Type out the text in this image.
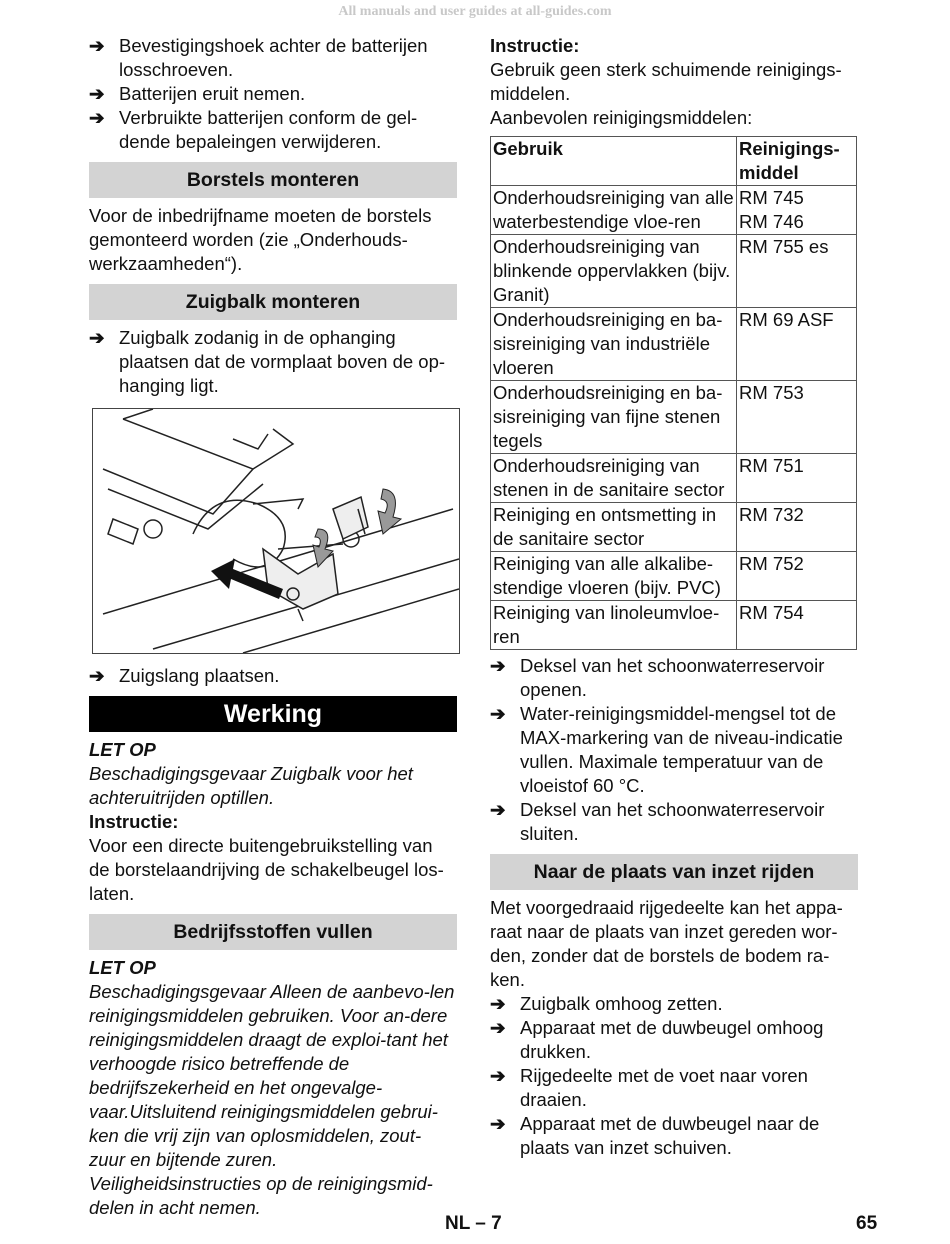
All manuals and user guides at all-guides.com
➔ Bevestigingshoek achter de batterijen losschroeven.
➔ Batterijen eruit nemen.
➔ Verbruikte batterijen conform de gel-dende bepaleingen verwijderen.
Borstels monteren

Voor de inbedrijfname moeten de borstels gemonteerd worden (zie „Onderhouds-werkzaamheden“).

Zuigbalk monteren
➔ Zuigbalk zodanig in de ophanging plaatsen dat de vormplaat boven de op-hanging ligt.
➔ Zuigslang plaatsen.
Werking

LET OP

Beschadigingsgevaar Zuigbalk voor het achteruitrijden optillen.

Instructie:

Voor een directe buitengebruikstelling van de borstelaandrijving de schakelbeugel los-laten.

Bedrijfsstoffen vullen

LET OP

Beschadigingsgevaar Alleen de aanbevo-len reinigingsmiddelen gebruiken. Voor an-dere reinigingsmiddelen draagt de exploi-tant het verhoogde risico betreffende de bedrijfszekerheid en het ongevalge-vaar.Uitsluitend reinigingsmiddelen gebrui-ken die vrij zijn van oplosmiddelen, zout-zuur en bijtende zuren.

Veiligheidsinstructies op de reinigingsmid-delen in acht nemen.

Instructie:

Gebruik geen sterk schuimende reinigings-middelen.

Aanbevolen reinigingsmiddelen:

Gebruik	Reinigings-middel
Onderhoudsreiniging van alle waterbestendige vloe-ren	RM 745
RM 746
Onderhoudsreiniging van blinkende oppervlakken (bijv. Granit)	RM 755 es
Onderhoudsreiniging en ba-sisreiniging van industriële vloeren	RM 69 ASF
Onderhoudsreiniging en ba-sisreiniging van fijne stenen tegels	RM 753
Onderhoudsreiniging van stenen in de sanitaire sector	RM 751
Reiniging en ontsmetting in de sanitaire sector	RM 732
Reiniging van alle alkalibe-stendige vloeren (bijv. PVC)	RM 752
Reiniging van linoleumvloe-ren	RM 754
➔ Deksel van het schoonwaterreservoir openen.
➔ Water-reinigingsmiddel-mengsel tot de MAX-markering van de niveau-indicatie vullen. Maximale temperatuur van de vloeistof 60 °C.
➔ Deksel van het schoonwaterreservoir sluiten.
Naar de plaats van inzet rijden

Met voorgedraaid rijgedeelte kan het appa-raat naar de plaats van inzet gereden wor-den, zonder dat de borstels de bodem ra-ken.

➔ Zuigbalk omhoog zetten.
➔ Apparaat met de duwbeugel omhoog drukken.
➔ Rijgedeelte met de voet naar voren draaien.
➔ Apparaat met de duwbeugel naar de plaats van inzet schuiven.
NL – 7	65
